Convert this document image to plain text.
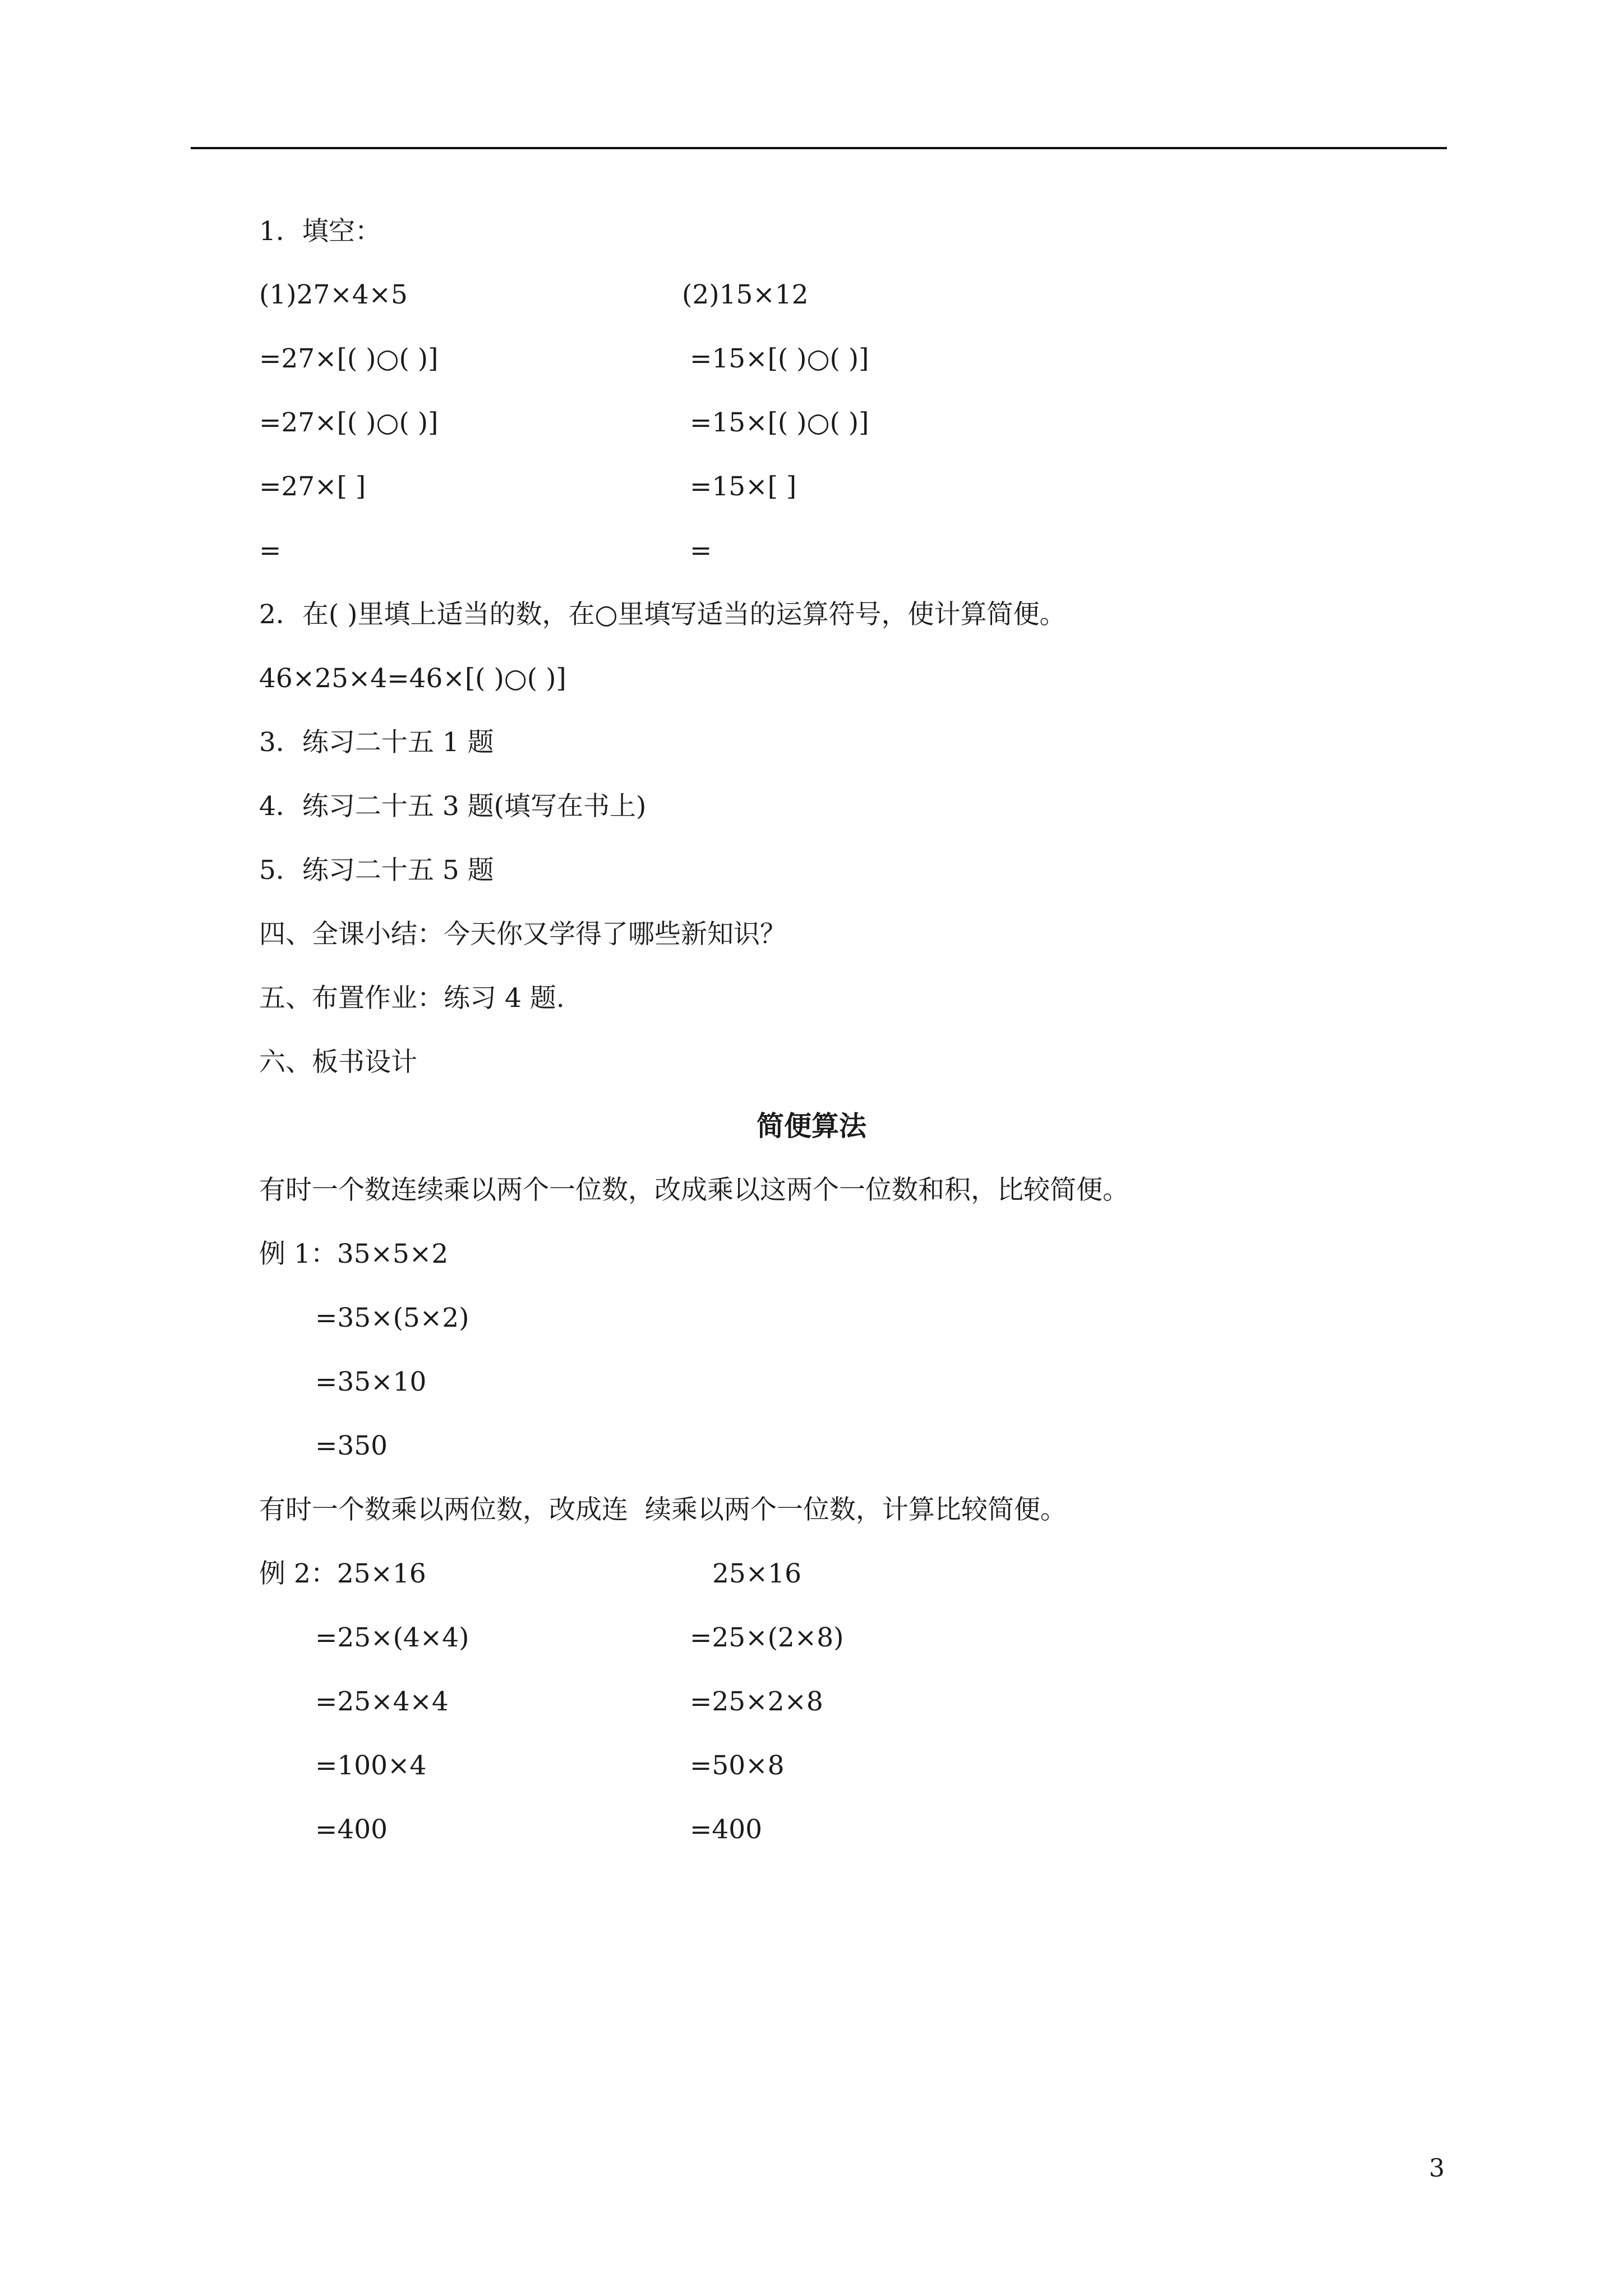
1．填空：
(1)27×4×5
=27×[( )○( )]
=27×[( )○( )]
=27×[ ]
=
(2)15×12
=15×[( )○( )]
=15×[( )○( )]
=15×[ ]
=
2．在( )里填上适当的数，在○里填写适当的运算符号，使计算简便。
46×25×4=46×[( )○( )]
3．练习二十五 1 题
4．练习二十五 3 题(填写在书上)
5．练习二十五 5 题
四、全课小结：今天你又学得了哪些新知识？
五、布置作业：练习 4 题.
六、板书设计
简便算法
有时一个数连续乘以两个一位数，改成乘以这两个一位数和积，比较简便。
例 1：35×5×2
=35×(5×2)
=35×10
=350
有时一个数乘以两位数，改成连  续乘以两个一位数，计算比较简便。
例 2：25×16
=25×(4×4)
=25×4×4
=100×4
=400
25×16
=25×(2×8)
=25×2×8
=50×8
=400
3
